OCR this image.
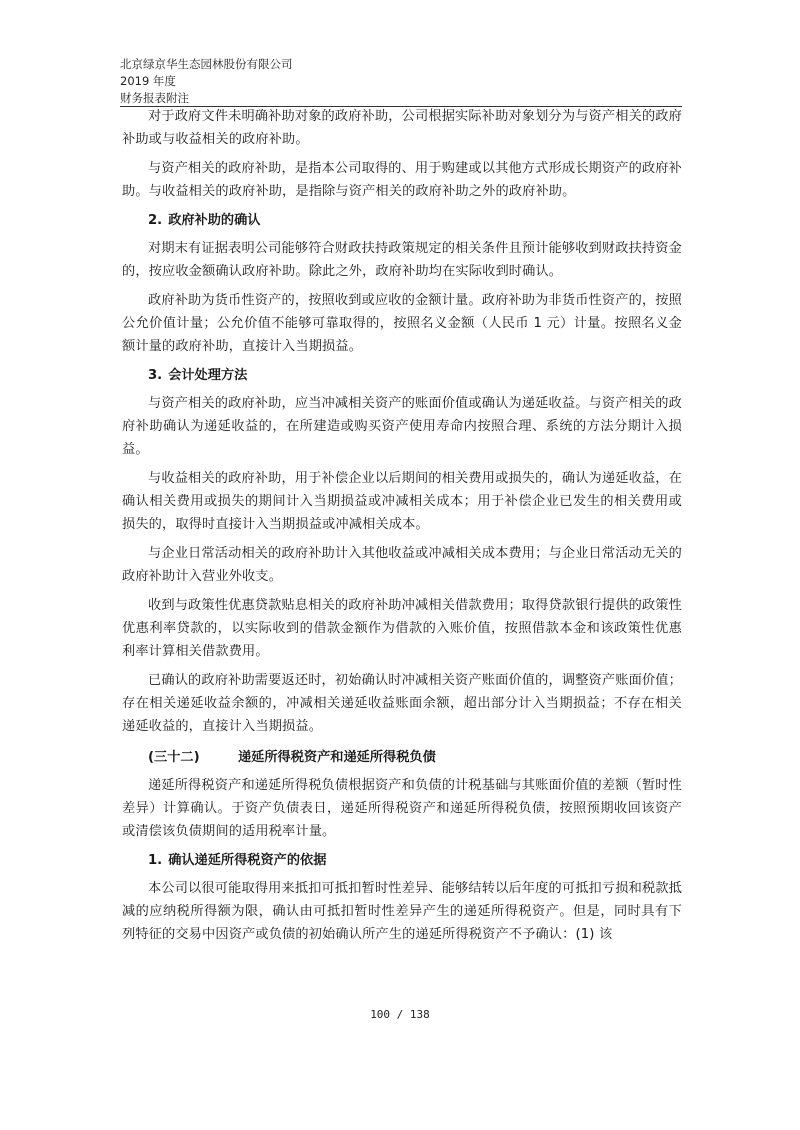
北京绿京华生态园林股份有限公司
2019 年度
财务报表附注

对于政府文件未明确补助对象的政府补助，公司根据实际补助对象划分为与资产相关的政府补助或与收益相关的政府补助。

与资产相关的政府补助，是指本公司取得的、用于购建或以其他方式形成长期资产的政府补助。与收益相关的政府补助，是指除与资产相关的政府补助之外的政府补助。

2. 政府补助的确认

对期末有证据表明公司能够符合财政扶持政策规定的相关条件且预计能够收到财政扶持资金的，按应收金额确认政府补助。除此之外，政府补助均在实际收到时确认。

政府补助为货币性资产的，按照收到或应收的金额计量。政府补助为非货币性资产的，按照公允价值计量；公允价值不能够可靠取得的，按照名义金额（人民币 1 元）计量。按照名义金额计量的政府补助，直接计入当期损益。

3. 会计处理方法

与资产相关的政府补助，应当冲减相关资产的账面价值或确认为递延收益。与资产相关的政府补助确认为递延收益的，在所建造或购买资产使用寿命内按照合理、系统的方法分期计入损益。

与收益相关的政府补助，用于补偿企业以后期间的相关费用或损失的，确认为递延收益，在确认相关费用或损失的期间计入当期损益或冲减相关成本；用于补偿企业已发生的相关费用或损失的，取得时直接计入当期损益或冲减相关成本。

与企业日常活动相关的政府补助计入其他收益或冲减相关成本费用；与企业日常活动无关的政府补助计入营业外收支。

收到与政策性优惠贷款贴息相关的政府补助冲减相关借款费用；取得贷款银行提供的政策性优惠利率贷款的，以实际收到的借款金额作为借款的入账价值，按照借款本金和该政策性优惠利率计算相关借款费用。

已确认的政府补助需要返还时，初始确认时冲减相关资产账面价值的，调整资产账面价值；存在相关递延收益余额的，冲减相关递延收益账面余额，超出部分计入当期损益；不存在相关递延收益的，直接计入当期损益。

(三十二)	递延所得税资产和递延所得税负债

递延所得税资产和递延所得税负债根据资产和负债的计税基础与其账面价值的差额（暂时性差异）计算确认。于资产负债表日，递延所得税资产和递延所得税负债，按照预期收回该资产或清偿该负债期间的适用税率计量。

1. 确认递延所得税资产的依据

本公司以很可能取得用来抵扣可抵扣暂时性差异、能够结转以后年度的可抵扣亏损和税款抵减的应纳税所得额为限，确认由可抵扣暂时性差异产生的递延所得税资产。但是，同时具有下列特征的交易中因资产或负债的初始确认所产生的递延所得税资产不予确认：(1) 该

100 / 138
